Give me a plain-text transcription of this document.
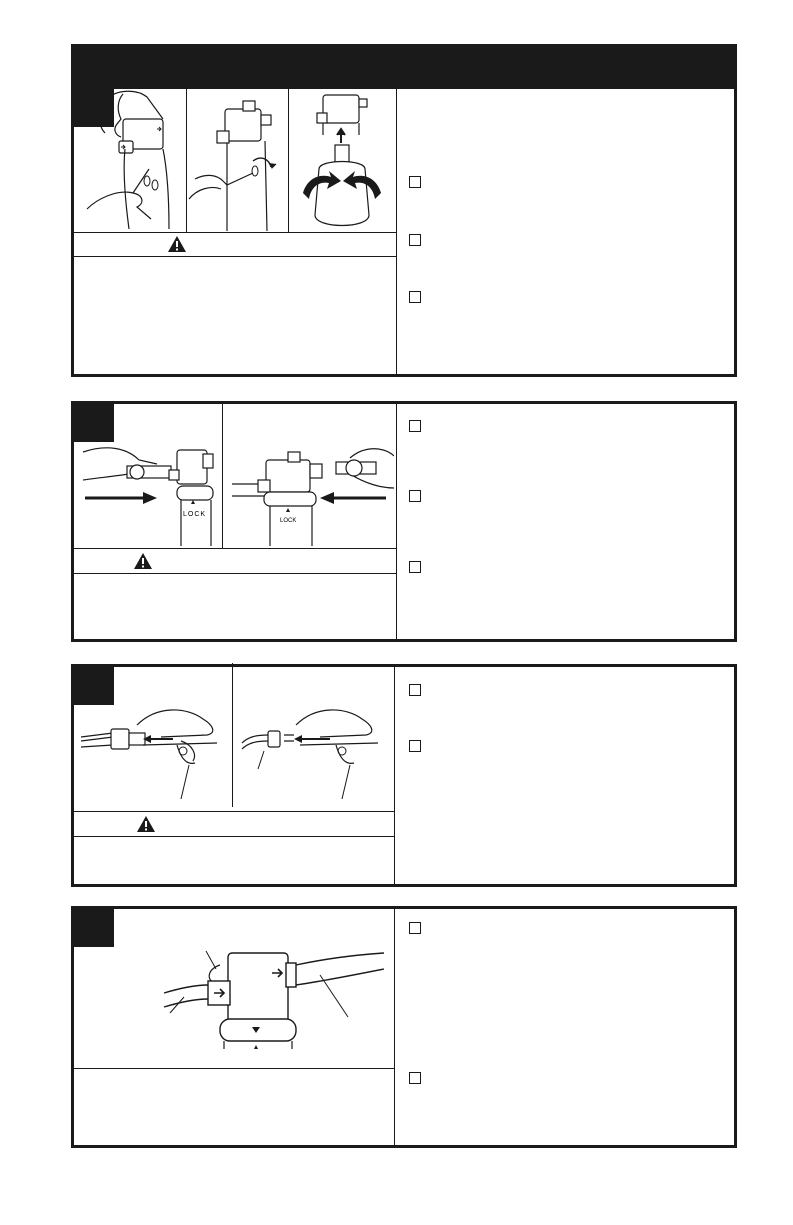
LOCK
LOCK
